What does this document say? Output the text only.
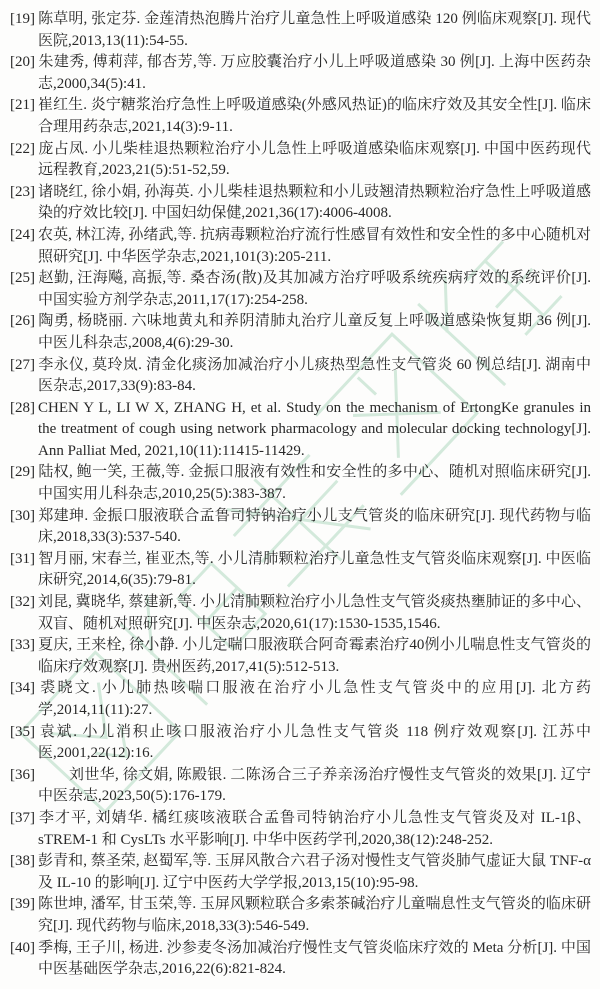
[19] 陈草明, 张定芬. 金莲清热泡腾片治疗儿童急性上呼吸道感染 120 例临床观察[J]. 现代医院,2013,13(11):54-55.
[20] 朱建秀, 傅莉萍, 郁杏芳,等. 万应胶囊治疗小儿上呼吸道感染 30 例[J]. 上海中医药杂志,2000,34(5):41.
[21] 崔红生. 炎宁糖浆治疗急性上呼吸道感染(外感风热证)的临床疗效及其安全性[J]. 临床合理用药杂志,2021,14(3):9-11.
[22] 庞占凤. 小儿柴桂退热颗粒治疗小儿急性上呼吸道感染临床观察[J]. 中国中医药现代远程教育,2023,21(5):51-52,59.
[23] 诸晓红, 徐小娟, 孙海英. 小儿柴桂退热颗粒和小儿豉翘清热颗粒治疗急性上呼吸道感染的疗效比较[J]. 中国妇幼保健,2021,36(17):4006-4008.
[24] 农英, 林江涛, 孙绪武,等. 抗病毒颗粒治疗流行性感冒有效性和安全性的多中心随机对照研究[J]. 中华医学杂志,2021,101(3):205-211.
[25] 赵勤, 汪海飚, 高振,等. 桑杏汤(散)及其加减方治疗呼吸系统疾病疗效的系统评价[J]. 中国实验方剂学杂志,2011,17(17):254-258.
[26] 陶勇, 杨晓丽. 六味地黄丸和养阴清肺丸治疗儿童反复上呼吸道感染恢复期 36 例[J]. 中医儿科杂志,2008,4(6):29-30.
[27] 李永仪, 莫玲岚. 清金化痰汤加减治疗小儿痰热型急性支气管炎 60 例总结[J]. 湖南中医杂志,2017,33(9):83-84.
[28] CHEN Y L, LI W X, ZHANG H, et al. Study on the mechanism of ErtongKe granules in the treatment of cough using network pharmacology and molecular docking technology[J]. Ann Palliat Med, 2021,10(11):11415-11429.
[29] 陆权, 鲍一笑, 王薇,等. 金振口服液有效性和安全性的多中心、随机对照临床研究[J]. 中国实用儿科杂志,2010,25(5):383-387.
[30] 郑建珅. 金振口服液联合孟鲁司特钠治疗小儿支气管炎的临床研究[J]. 现代药物与临床,2018,33(3):537-540.
[31] 智月丽, 宋春兰, 崔亚杰,等. 小儿清肺颗粒治疗儿童急性支气管炎临床观察[J]. 中医临床研究,2014,6(35):79-81.
[32] 刘昆, 冀晓华, 蔡建新,等. 小儿清肺颗粒治疗小儿急性支气管炎痰热壅肺证的多中心、双盲、随机对照研究[J]. 中医杂志,2020,61(17):1530-1535,1546.
[33] 夏庆, 王来栓, 徐小静. 小儿定喘口服液联合阿奇霉素治疗40例小儿喘息性支气管炎的临床疗效观察[J]. 贵州医药,2017,41(5):512-513.
[34] 裘晓文. 小儿肺热咳喘口服液在治疗小儿急性支气管炎中的应用[J]. 北方药学,2014,11(11):27.
[35] 袁斌. 小儿消积止咳口服液治疗小儿急性支气管炎 118 例疗效观察[J]. 江苏中医,2001,22(12):16.
[36]　　刘世华, 徐文娟, 陈殿银. 二陈汤合三子养亲汤治疗慢性支气管炎的效果[J]. 辽宁中医杂志,2023,50(5):176-179.
[37] 李才平, 刘婧华. 橘红痰咳液联合孟鲁司特钠治疗小儿急性支气管炎及对 IL-1β、sTREM-1 和 CysLTs 水平影响[J]. 中华中医药学刊,2020,38(12):248-252.
[38] 彭青和, 蔡圣荣, 赵蜀军,等. 玉屏风散合六君子汤对慢性支气管炎肺气虚证大鼠 TNF-α 及 IL-10 的影响[J]. 辽宁中医药大学学报,2013,15(10):95-98.
[39] 陈世坤, 潘军, 甘玉荣,等. 玉屏风颗粒联合多索茶碱治疗儿童喘息性支气管炎的临床研究[J]. 现代药物与临床,2018,33(3):546-549.
[40] 季梅, 王子川, 杨进. 沙参麦冬汤加减治疗慢性支气管炎临床疗效的 Meta 分析[J]. 中国中医基础医学杂志,2016,22(6):821-824.
